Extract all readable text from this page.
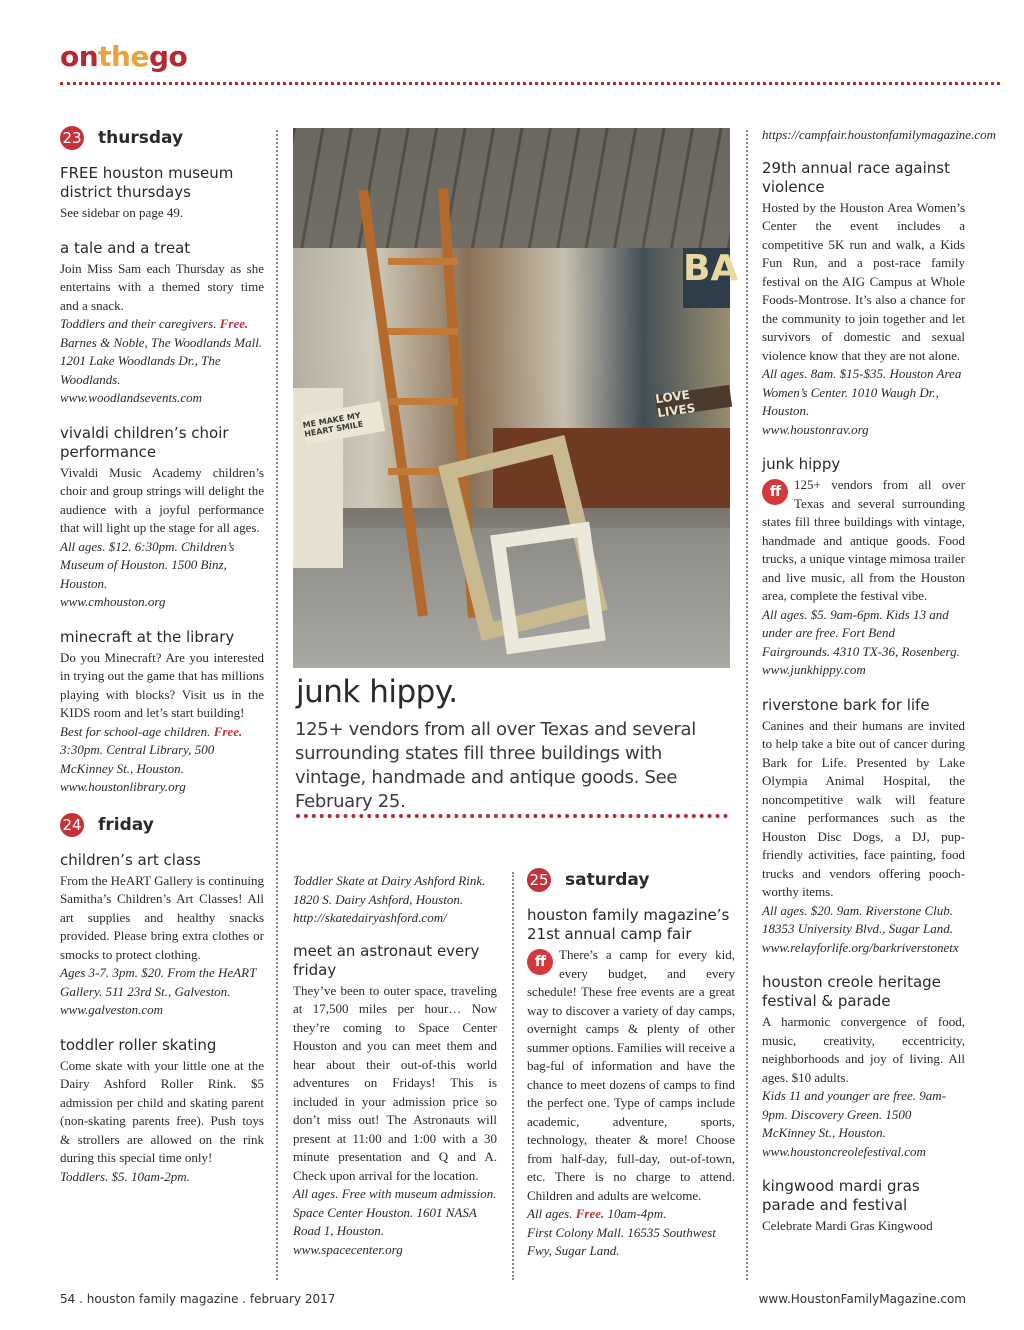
onthego
23 thursday
FREE houston museum district thursdays
See sidebar on page 49.
a tale and a treat
Join Miss Sam each Thursday as she entertains with a themed story time and a snack.
Toddlers and their caregivers. Free. Barnes & Noble, The Woodlands Mall. 1201 Lake Woodlands Dr., The Woodlands.
www.woodlandsevents.com
vivaldi children’s choir performance
Vivaldi Music Academy children’s choir and group strings will delight the audience with a joyful performance that will light up the stage for all ages.
All ages. $12. 6:30pm. Children’s Museum of Houston. 1500 Binz, Houston.
www.cmhouston.org
minecraft at the library
Do you Minecraft? Are you interested in trying out the game that has millions playing with blocks? Visit us in the KIDS room and let’s start building!
Best for school-age children. Free. 3:30pm. Central Library, 500 McKinney St., Houston.
www.houstonlibrary.org
24 friday
children’s art class
From the HeART Gallery is continuing Samitha’s Children’s Art Classes! All art supplies and healthy snacks provided. Please bring extra clothes or smocks to protect clothing.
Ages 3-7. 3pm. $20. From the HeART Gallery. 511 23rd St., Galveston.
www.galveston.com
toddler roller skating
Come skate with your little one at the Dairy Ashford Roller Rink. $5 admission per child and skating parent (non-skating parents free). Push toys & strollers are allowed on the rink during this special time only!
Toddlers. $5. 10am-2pm.
LOVE LIVES
ME MAKE MY HEART SMILE
BA
junk hippy.
125+ vendors from all over Texas and several surrounding states fill three buildings with vintage, handmade and antique goods. See February 25.
Toddler Skate at Dairy Ashford Rink. 1820 S. Dairy Ashford, Houston.
http://skatedairyashford.com/
meet an astronaut every friday
They’ve been to outer space, traveling at 17,500 miles per hour… Now they’re coming to Space Center Houston and you can meet them and hear about their out-of-this world adventures on Fridays! This is included in your admission price so don’t miss out! The Astronauts will present at 11:00 and 1:00 with a 30 minute presentation and Q and A. Check upon arrival for the location.
All ages. Free with museum admission. Space Center Houston. 1601 NASA Road 1, Houston.
www.spacecenter.org
25 saturday
houston family magazine’s 21st annual camp fair
ff	There’s a camp for every kid, every budget, and every schedule! These free events are a great way to discover a variety of day camps, overnight camps & plenty of other summer options. Families will receive a bag-ful of information and have the chance to meet dozens of camps to find the perfect one. Type of camps include academic, adventure, sports, technology, theater & more! Choose from half-day, full-day, out-of-town, etc. There is no charge to attend. Children and adults are welcome.
All ages. Free. 10am-4pm.
First Colony Mall. 16535 Southwest Fwy, Sugar Land.
https://campfair.houstonfamilymagazine.com
29th annual race against violence
Hosted by the Houston Area Women’s Center the event includes a competitive 5K run and walk, a Kids Fun Run, and a post-race family festival on the AIG Campus at Whole Foods-Montrose. It’s also a chance for the community to join together and let survivors of domestic and sexual violence know that they are not alone.
All ages. 8am. $15-$35. Houston Area Women’s Center. 1010 Waugh Dr., Houston.
www.houstonrav.org
junk hippy
ff	125+ vendors from all over Texas and several surrounding states fill three buildings with vintage, handmade and antique goods. Food trucks, a unique vintage mimosa trailer and live music, all from the Houston area, complete the festival vibe.
All ages. $5. 9am-6pm. Kids 13 and under are free. Fort Bend Fairgrounds. 4310 TX-36, Rosenberg.
www.junkhippy.com
riverstone bark for life
Canines and their humans are invited to help take a bite out of cancer during Bark for Life. Presented by Lake Olympia Animal Hospital, the noncompetitive walk will feature canine performances such as the Houston Disc Dogs, a DJ, pup-friendly activities, face painting, food trucks and vendors offering pooch-worthy items.
All ages. $20. 9am. Riverstone Club. 18353 University Blvd., Sugar Land.
www.relayforlife.org/barkriverstonetx
houston creole heritage festival & parade
A harmonic convergence of food, music, creativity, eccentricity, neighborhoods and joy of living. All ages. $10 adults.
Kids 11 and younger are free. 9am-9pm. Discovery Green. 1500 McKinney St., Houston.
www.houstoncreolefestival.com
kingwood mardi gras parade and festival
Celebrate Mardi Gras Kingwood
54 . houston family magazine . february 2017	www.HoustonFamilyMagazine.com
